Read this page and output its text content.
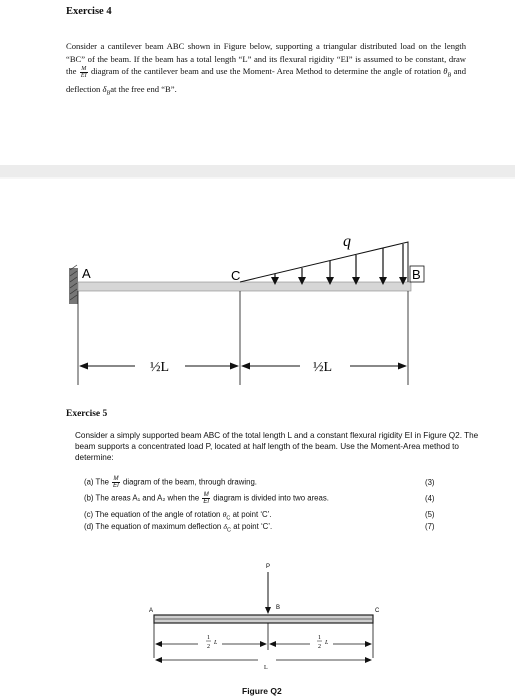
Exercise 4
Consider a cantilever beam ABC shown in Figure below, supporting a triangular distributed load on the length “BC” of the beam. If the beam has a total length “L” and its flexural rigidity “EI” is assumed to be constant, draw the $\frac{M}{EI}$ diagram of the cantilever beam and use the Moment- Area Method to determine the angle of rotation $\theta_B$ and deflection $\delta_Bat$ the free end “B”.
q
A	C	B
½L	½L
Exercise 5
Consider a simply supported beam ABC of the total length L and a constant flexural rigidity EI in Figure Q2. The beam supports a concentrated load P, located at half length of the beam. Use the Moment-Area method to determine:
(a) The $\frac{M}{EI}$ diagram of the beam, through drawing.	(3)
(b) The areas A₁ and A₂ when the $\frac{M}{EI}$ diagram is divided into two areas.	(4)
(c) The equation of the angle of rotation $\theta_C$ at point ‘C’.	(5)
(d) The equation of maximum deflection $\delta_C$ at point ‘C’.	(7)
P
A	B	C
1
2
L
1
2
L
L
Figure Q2
